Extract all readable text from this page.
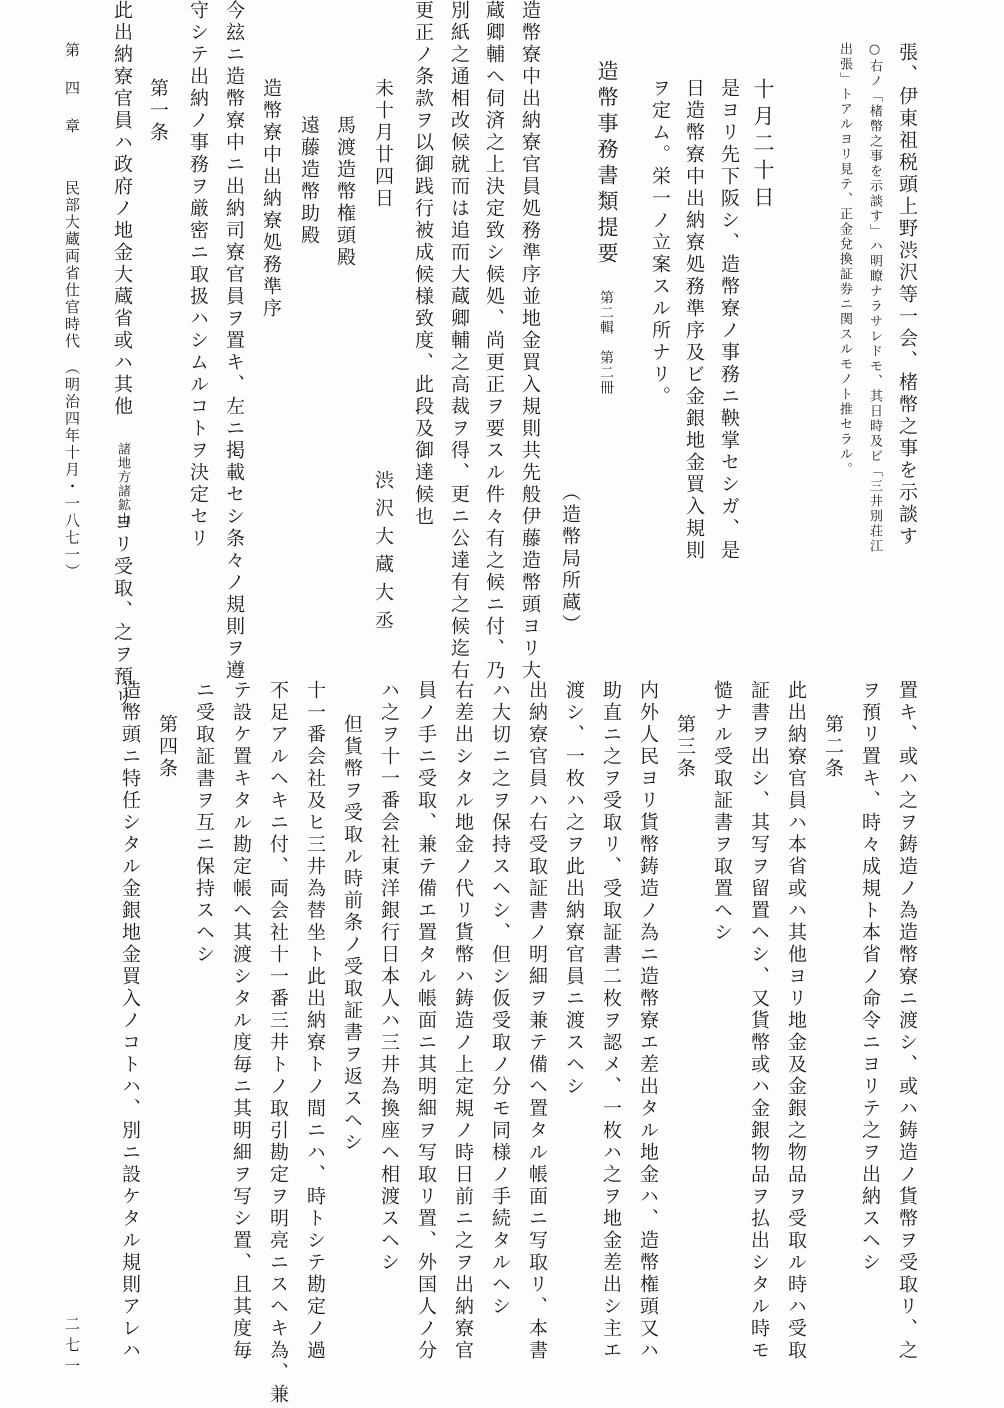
張、伊東祖税頭上野渋沢等一会、楮幣之事を示談す
○右ノ「楮幣之事を示談す」ハ明瞭ナラサレドモ、其日時及ビ「三井別荘江
出張」トアルヨリ見テ、正金兌換証券ニ関スルモノト推セラル。
十月二十日
是ヨリ先下阪シ、造幣寮ノ事務ニ鞅掌セシガ、是
日造幣寮中出納寮処務準序及ビ金銀地金買入規則
ヲ定ム。栄一ノ立案スル所ナリ。
造幣事務書類提要
第二輯　第二冊
（造幣局所蔵）
造幣寮中出納寮官員処務準序並地金買入規則共先般伊藤造幣頭ヨリ大
蔵卿輔へ伺済之上決定致シ候処、尚更正ヲ要スル件々有之候ニ付、乃
別紙之通相改候就而は追而大蔵卿輔之高裁ヲ得、更ニ公達有之候迄右
更正ノ条款ヲ以御践行被成候様致度、此段及御達候也
未十月廿四日
渋沢大蔵大丞
馬渡造幣権頭殿
遠藤造幣助殿
造幣寮中出納寮処務準序
今玆ニ造幣寮中ニ出納司寮官員ヲ置キ、左ニ掲載セシ条々ノ規則ヲ遵
守シテ出納ノ事務ヲ厳密ニ取扱ハシムルコトヲ決定セリ
第一条
此出納寮官員ハ政府ノ地金大蔵省或ハ其他
諸地方諸鉱山
ヨリ受取、之ヲ預リ
置キ、或ハ之ヲ鋳造ノ為造幣寮ニ渡シ、或ハ鋳造ノ貨幣ヲ受取リ、之
ヲ預リ置キ、時々成規ト本省ノ命令ニヨリテ之ヲ出納スヘシ
第二条
此出納寮官員ハ本省或ハ其他ヨリ地金及金銀之物品ヲ受取ル時ハ受取
証書ヲ出シ、其写ヲ留置ヘシ、又貨幣或ハ金銀物品ヲ払出シタル時モ
慥ナル受取証書ヲ取置ヘシ
第三条
内外人民ヨリ貨幣鋳造ノ為ニ造幣寮エ差出タル地金ハ、造幣権頭又ハ
助直ニ之ヲ受取リ、受取証書二枚ヲ認メ、一枚ハ之ヲ地金差出シ主エ
渡シ、一枚ハ之ヲ此出納寮官員ニ渡スヘシ
出納寮官員ハ右受取証書ノ明細ヲ兼テ備ヘ置タル帳面ニ写取リ、本書
ハ大切ニ之ヲ保持スヘシ、但シ仮受取ノ分モ同様ノ手続タルヘシ
右差出シタル地金ノ代リ貨幣ハ鋳造ノ上定規ノ時日前ニ之ヲ出納寮官
員ノ手ニ受取、兼テ備エ置タル帳面ニ其明細ヲ写取リ置、外国人ノ分
ハ之ヲ十一番会社東洋銀行日本人ハ三井為換座ヘ相渡スヘシ
但貨幣ヲ受取ル時前条ノ受取証書ヲ返スヘシ
十一番会社及ヒ三井為替坐ト此出納寮トノ間ニハ、時トシテ勘定ノ過
不足アルヘキニ付、両会社十一番三井トノ取引勘定ヲ明亮ニスヘキ為、兼
テ設ケ置キタル勘定帳ヘ其渡シタル度毎ニ其明細ヲ写シ置、且其度毎
ニ受取証書ヲ互ニ保持スヘシ
第四条
造幣頭ニ特任シタル金銀地金買入ノコトハ、別ニ設ケタル規則アレハ
第　四　章
民部大蔵両省仕官時代　（明治四年十月・一八七一）
二七一
